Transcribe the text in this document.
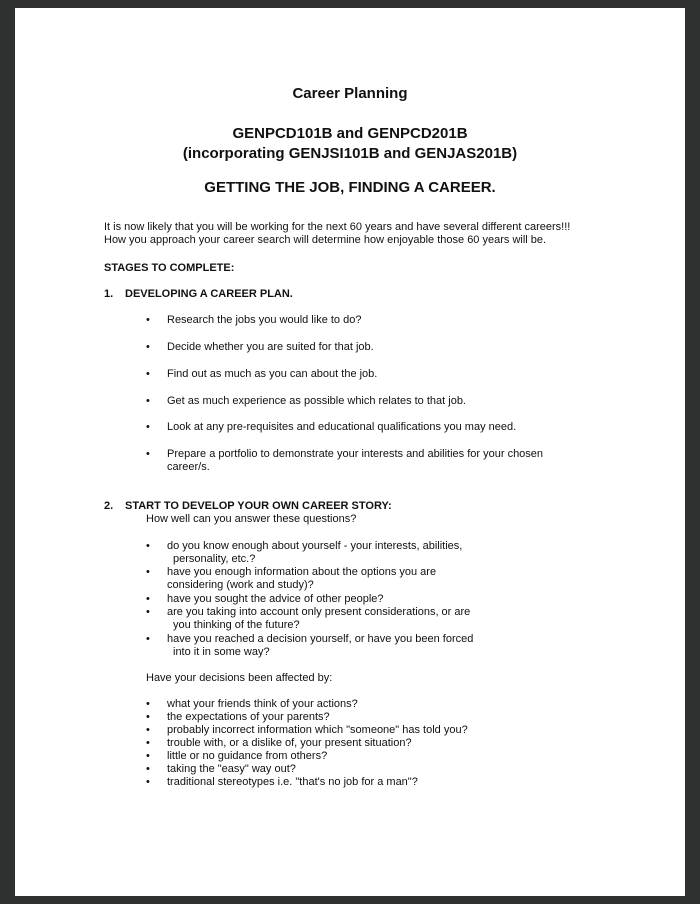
Career Planning
GENPCD101B and GENPCD201B
(incorporating GENJSI101B and GENJAS201B)
GETTING THE JOB, FINDING A CAREER.
It is now likely that you will be working for the next 60 years and have several different careers!!!
How you approach your career search will determine how enjoyable those 60 years will be.
STAGES TO COMPLETE:
1. DEVELOPING A CAREER PLAN.
• Research the jobs you would like to do?
• Decide whether you are suited for that job.
• Find out as much as you can about the job.
• Get as much experience as possible which relates to that job.
• Look at any pre-requisites and educational qualifications you may need.
• Prepare a portfolio to demonstrate your interests and abilities for your chosen
career/s.
2. START TO DEVELOP YOUR OWN CAREER STORY:
How well can you answer these questions?
• do you know enough about yourself - your interests, abilities,
personality, etc.?
• have you enough information about the options you are
considering (work and study)?
• have you sought the advice of other people?
• are you taking into account only present considerations, or are
you thinking of the future?
• have you reached a decision yourself, or have you been forced
into it in some way?
Have your decisions been affected by:
• what your friends think of your actions?
• the expectations of your parents?
• probably incorrect information which "someone" has told you?
• trouble with, or a dislike of, your present situation?
• little or no guidance from others?
• taking the "easy" way out?
• traditional stereotypes i.e. "that's no job for a man"?
